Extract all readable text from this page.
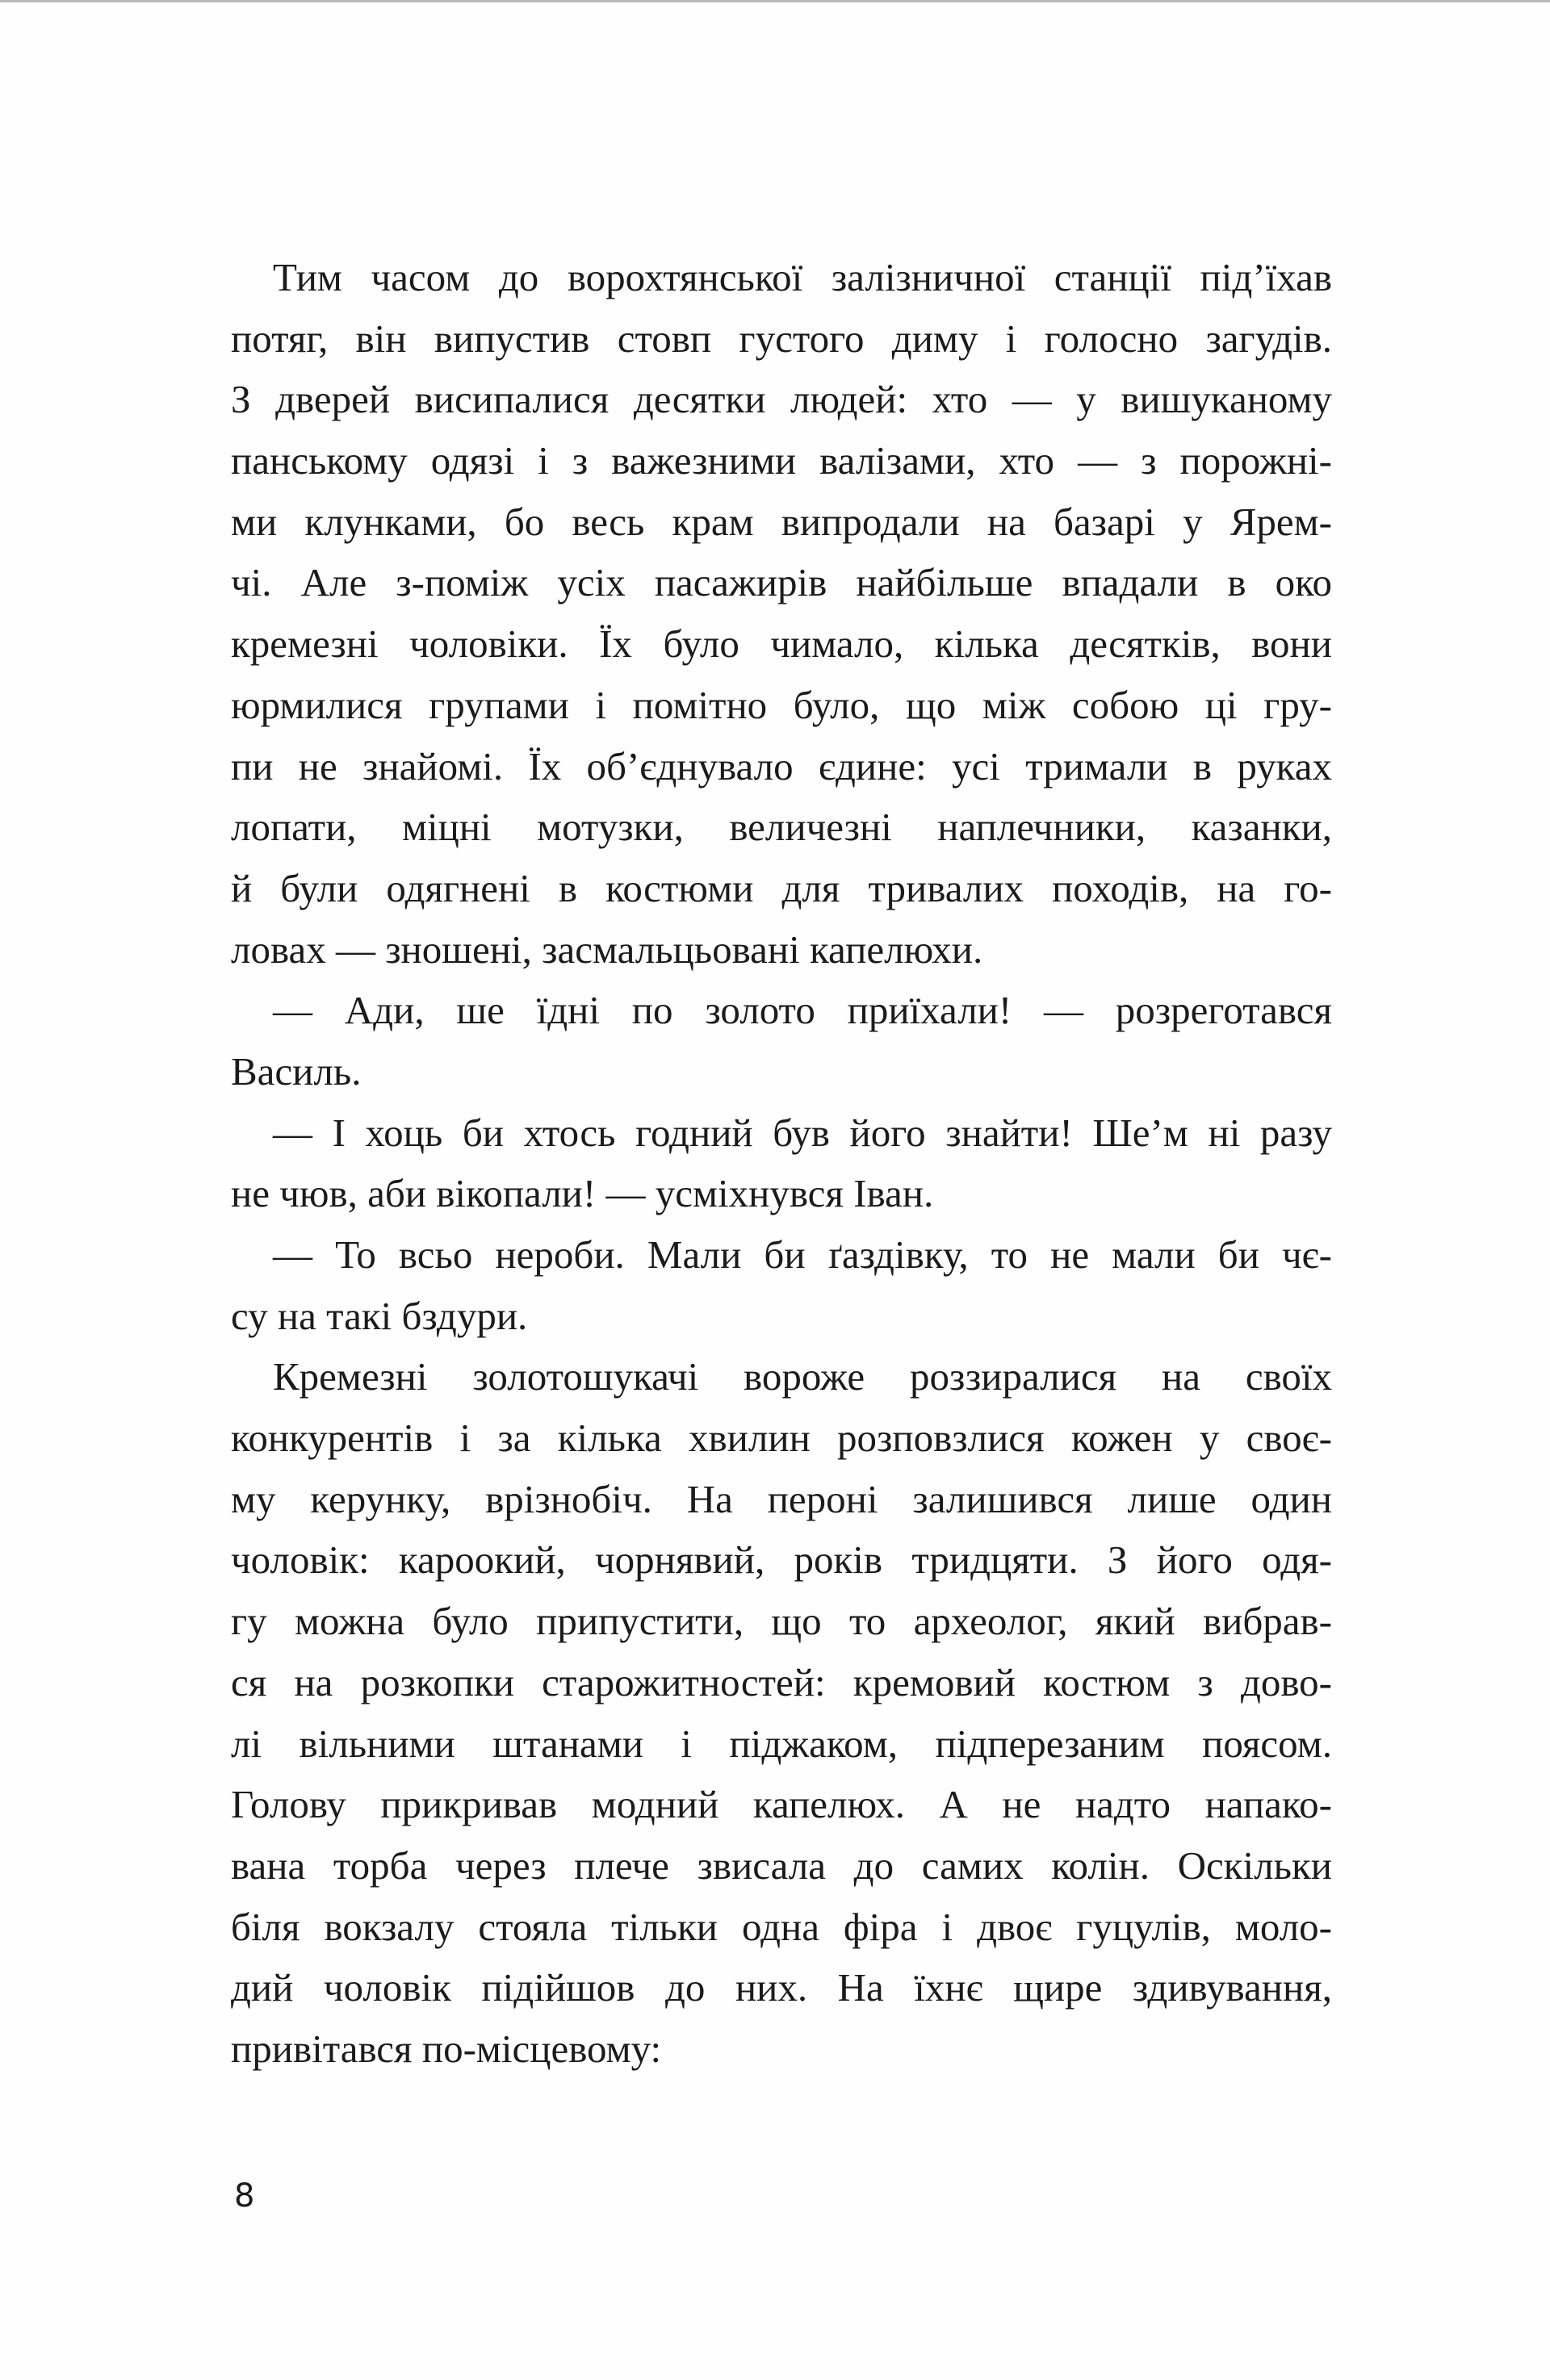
Тим часом до ворохтянської залізничної станції під’їхав
потяг, він випустив стовп густого диму і голосно загудів.
З дверей висипалися десятки людей: хто — у вишуканому
панському одязі і з важезними валізами, хто — з порожні-
ми клунками, бо весь крам випродали на базарі у Ярем-
чі. Але з-поміж усіх пасажирів найбільше впадали в око
кремезні чоловіки. Їх було чимало, кілька десятків, вони
юрмилися групами і помітно було, що між собою ці гру-
пи не знайомі. Їх об’єднувало єдине: усі тримали в руках
лопати, міцні мотузки, величезні наплечники, казанки,
й були одягнені в костюми для тривалих походів, на го-
ловах — зношені, засмальцьовані капелюхи.
— Ади, ше їдні по золото приїхали! — розреготався
Василь.
— І хоць би хтось годний був його знайти! Ше’м ні разу
не чюв, аби вікопали! — усміхнувся Іван.
— То всьо нероби. Мали би ґаздівку, то не мали би чє-
су на такі бздури.
Кремезні золотошукачі вороже роззиралися на своїх
конкурентів і за кілька хвилин розповзлися кожен у своє-
му керунку, врізнобіч. На пероні залишився лише один
чоловік: кароокий, чорнявий, років тридцяти. З його одя-
гу можна було припустити, що то археолог, який вибрав-
ся на розкопки старожитностей: кремовий костюм з дово-
лі вільними штанами і піджаком, підперезаним поясом.
Голову прикривав модний капелюх. А не надто напако-
вана торба через плече звисала до самих колін. Оскільки
біля вокзалу стояла тільки одна фіра і двоє гуцулів, моло-
дий чоловік підійшов до них. На їхнє щире здивування,
привітався по-місцевому:
8
